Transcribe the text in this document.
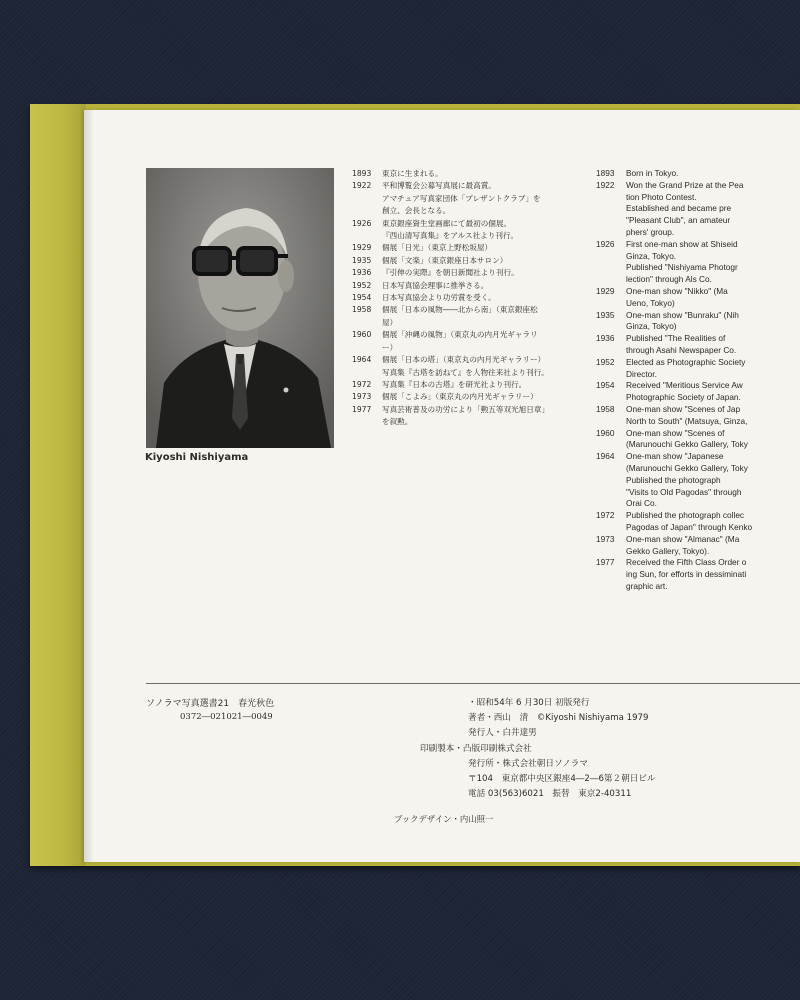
Kiyoshi Nishiyama
1893	東京に生まれる。
1922	平和博覧会公募写真展に最高賞。
アマチュア写真家団体「プレザントクラブ」を
創立、会長となる。
1926	東京銀座資生堂画廊にて最初の個展。
『西山清写真集』をアルス社より刊行。
1929	個展「日光」（東京上野松坂屋）
1935	個展「文楽」（東京銀座日本サロン）
1936	『引伸の実際』を朝日新聞社より刊行。
1952	日本写真協会理事に推挙さる。
1954	日本写真協会より功労賞を受く。
1958	個展「日本の風物――北から南」（東京銀座松
屋）
1960	個展「沖縄の風物」（東京丸の内月光ギャラリ
ー）
1964	個展「日本の塔」（東京丸の内月光ギャラリー）
写真集『古塔を訪ねて』を人物往来社より刊行。
1972	写真集『日本の古塔』を研光社より刊行。
1973	個展「こよみ」（東京丸の内月光ギャラリー）
1977	写真芸術普及の功労により「勲五等双光旭日章」
を叙勲。
1893	Born in Tokyo.
1922	Won the Grand Prize at the Pea
tion Photo Contest.
Established and became pre
"Pleasant Club", an amateur
phers' group.
1926	First one-man show at Shiseid
Ginza, Tokyo.
Published "Nishiyama Photogr
lection" through Als Co.
1929	One-man show "Nikko" (Ma
Ueno, Tokyo)
1935	One-man show "Bunraku" (Nih
Ginza, Tokyo)
1936	Published "The Realities of
through Asahi Newspaper Co.
1952	Elected as Photographic Society
Director.
1954	Received "Meritious Service Aw
Photographic Society of Japan.
1958	One-man show "Scenes of Jap
North to South" (Matsuya, Ginza,
1960	One-man show "Scenes of
(Marunouchi Gekko Gallery, Toky
1964	One-man show "Japanese
(Marunouchi Gekko Gallery, Toky
Published the photograph
"Visits to Old Pagodas" through
Orai Co.
1972	Published the photograph collec
Pagodas of Japan" through Kenko
1973	One-man show "Almanac" (Ma
Gekko Gallery, Tokyo).
1977	Received the Fifth Class Order o
ing Sun, for efforts in dessiminati
graphic art.
ソノラマ写真選書21　春光秋色
0372―021021―0049
・昭和54年 6 月30日 初版発行
著者・西山　清　©Kiyoshi Nishiyama 1979
発行人・白井達男
印刷製本・凸版印刷株式会社
発行所・株式会社朝日ソノラマ
〒104　東京都中央区銀座4―2―6第２朝日ビル
電話 03(563)6021　振替　東京2-40311
ブックデザイン・内山照一
